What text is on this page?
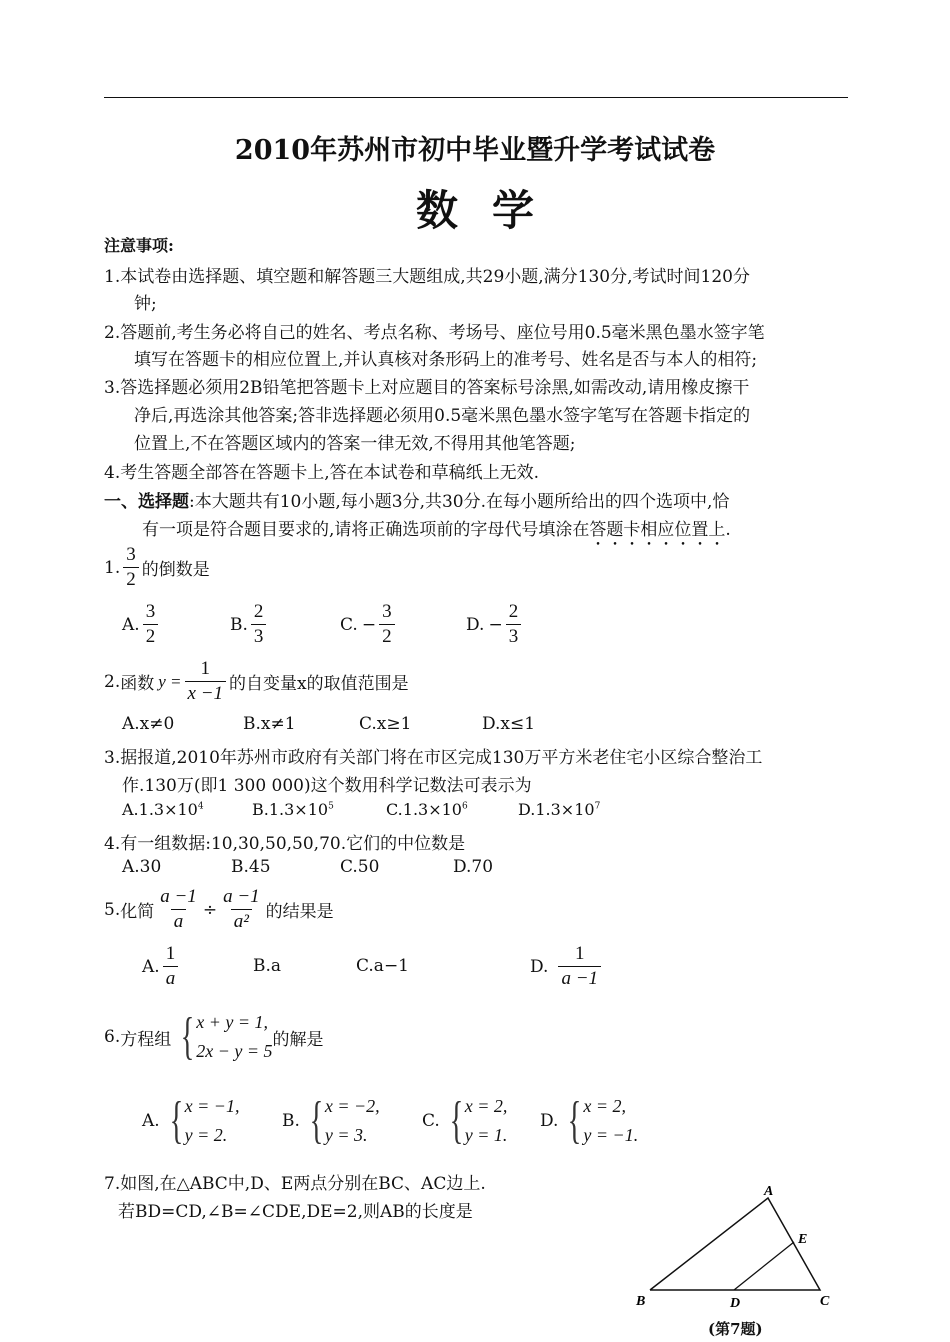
2010年苏州市初中毕业暨升学考试试卷
数学
注意事项:
1.本试卷由选择题、填空题和解答题三大题组成,共29小题,满分130分,考试时间120分
钟;
2.答题前,考生务必将自己的姓名、考点名称、考场号、座位号用0.5毫米黑色墨水签字笔
填写在答题卡的相应位置上,并认真核对条形码上的准考号、姓名是否与本人的相符;
3.答选择题必须用2B铅笔把答题卡上对应题目的答案标号涂黑,如需改动,请用橡皮擦干
净后,再选涂其他答案;答非选择题必须用0.5毫米黑色墨水签字笔写在答题卡指定的
位置上,不在答题区域内的答案一律无效,不得用其他笔答题;
4.考生答题全部答在答题卡上,答在本试卷和草稿纸上无效.
一、选择题:本大题共有10小题,每小题3分,共30分.在每小题所给出的四个选项中,恰
有一项是符合题目要求的,请将正确选项前的字母代号填涂在答题卡相应位置上.
1. $\frac{3}{2}$ 的倒数是
A. $\frac{3}{2}$	B. $\frac{2}{3}$	C. − $\frac{3}{2}$	D. − $\frac{2}{3}$
2. 函数 $y = \frac{1}{x -1}$ 的自变量x的取值范围是
A.x≠0	B.x≠1	C.x≥1	D.x≤1
3.据报道,2010年苏州市政府有关部门将在市区完成130万平方米老住宅小区综合整治工
作.130万(即1 300 000)这个数用科学记数法可表示为
$A.1.3\times 10^4$	$B.1.3\times 10^5$	$C.1.3\times 10^6$	$D.1.3\times 10^7$
4.有一组数据:10,30,50,50,70.它们的中位数是
A.30	B.45	C.50	D.70
5. 化简 $\frac{a -1}{a} \div \frac{a -1}{\text{a²}}$ 的结果是
A. $\frac{1}{a}$	B.a	C.a−1	D. $\frac{1}{a -1}$
6. 方程组 { x + y = 1,
2x − y = 5
的解是
A. { x = −1,
y = 2.
B. { x = −2,
y = 3.
C. { x = 2,
y = 1.
D. { x = 2,
y = −1.
7.如图,在△ABC中,D、E两点分别在BC、AC边上.
若BD=CD,∠B=∠CDE,DE=2,则AB的长度是
A
E
B	D	C
(第7题)
